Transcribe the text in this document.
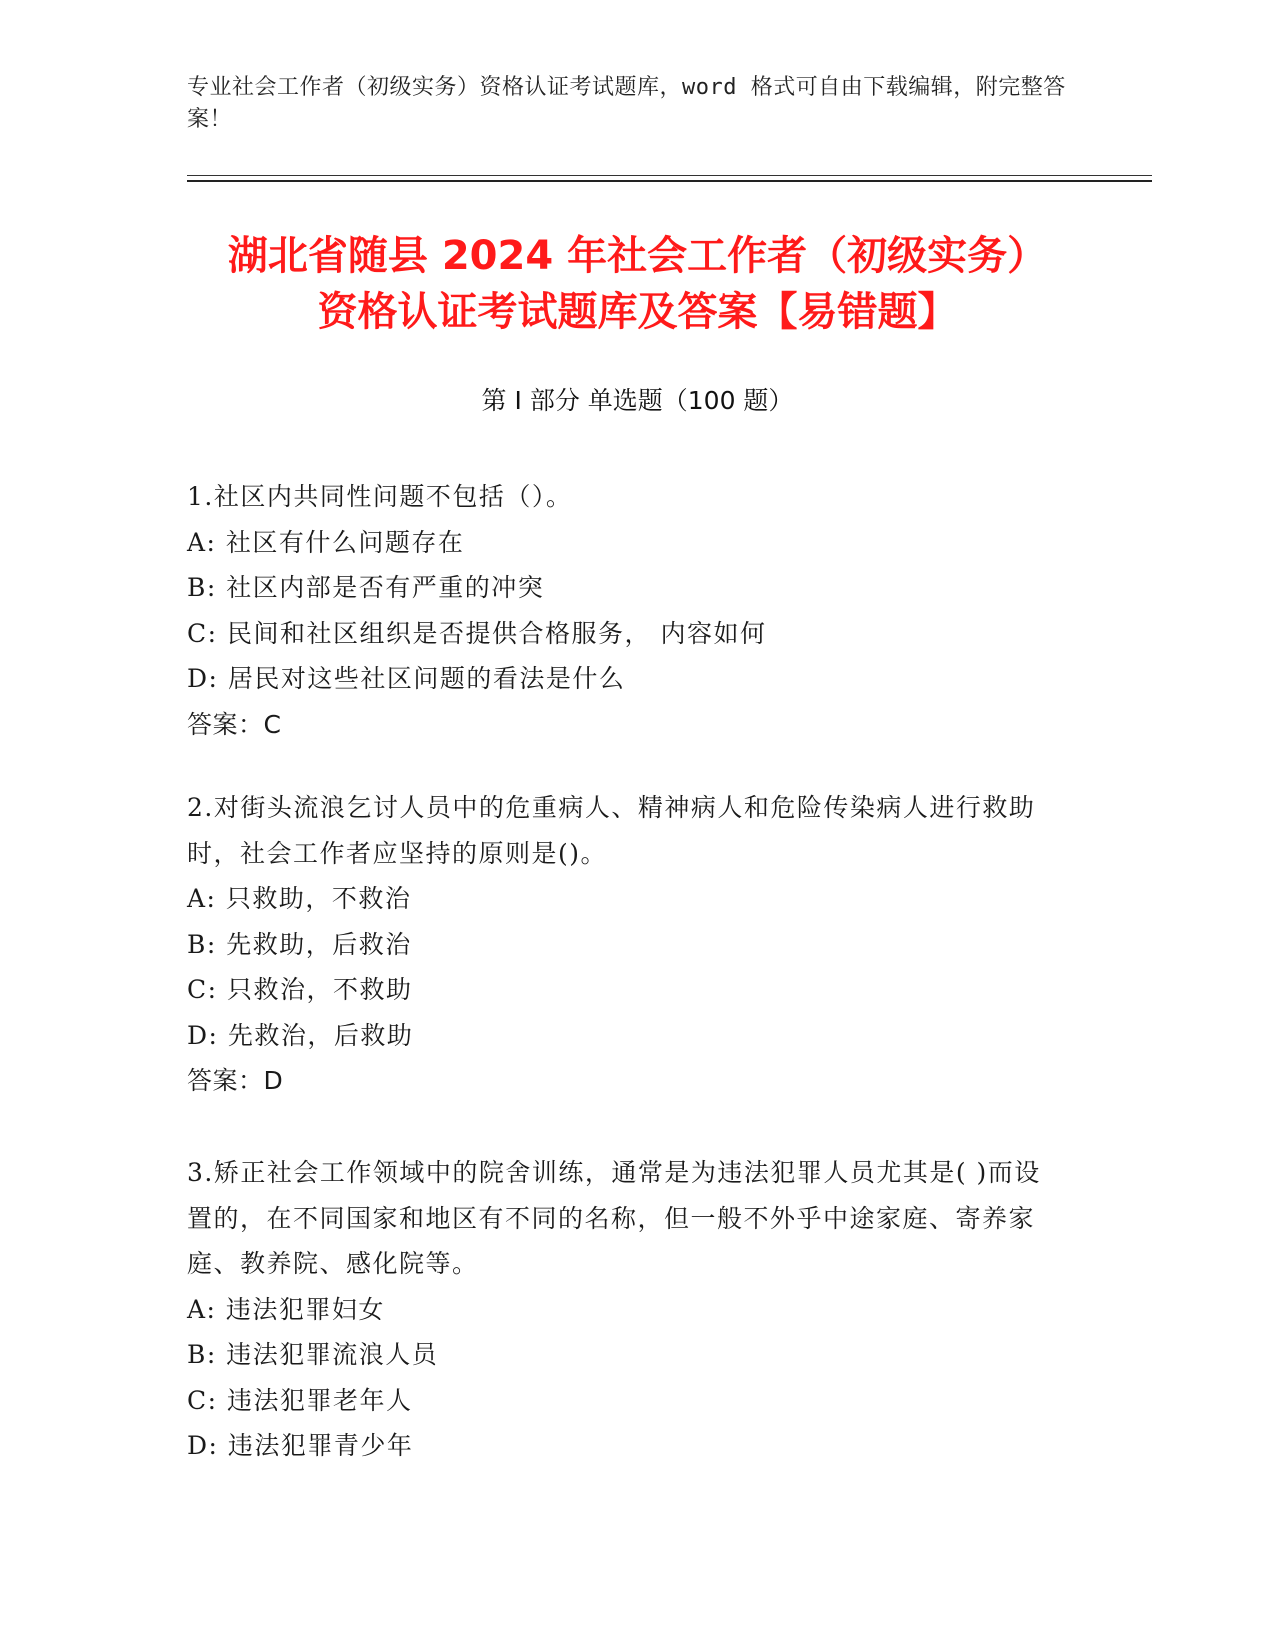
专业社会工作者（初级实务）资格认证考试题库，word 格式可自由下载编辑，附完整答案！
湖北省随县 2024 年社会工作者（初级实务）
资格认证考试题库及答案【易错题】
第 I 部分 单选题（100 题）
1.社区内共同性问题不包括（）。
A: 社区有什么问题存在
B: 社区内部是否有严重的冲突
C: 民间和社区组织是否提供合格服务， 内容如何
D: 居民对这些社区问题的看法是什么
答案：C
2.对街头流浪乞讨人员中的危重病人、精神病人和危险传染病人进行救助时，社会工作者应坚持的原则是()。
A: 只救助，不救治
B: 先救助，后救治
C: 只救治，不救助
D: 先救治，后救助
答案：D
3.矫正社会工作领域中的院舍训练，通常是为违法犯罪人员尤其是( )而设置的，在不同国家和地区有不同的名称，但一般不外乎中途家庭、寄养家庭、教养院、感化院等。
A: 违法犯罪妇女
B: 违法犯罪流浪人员
C: 违法犯罪老年人
D: 违法犯罪青少年
